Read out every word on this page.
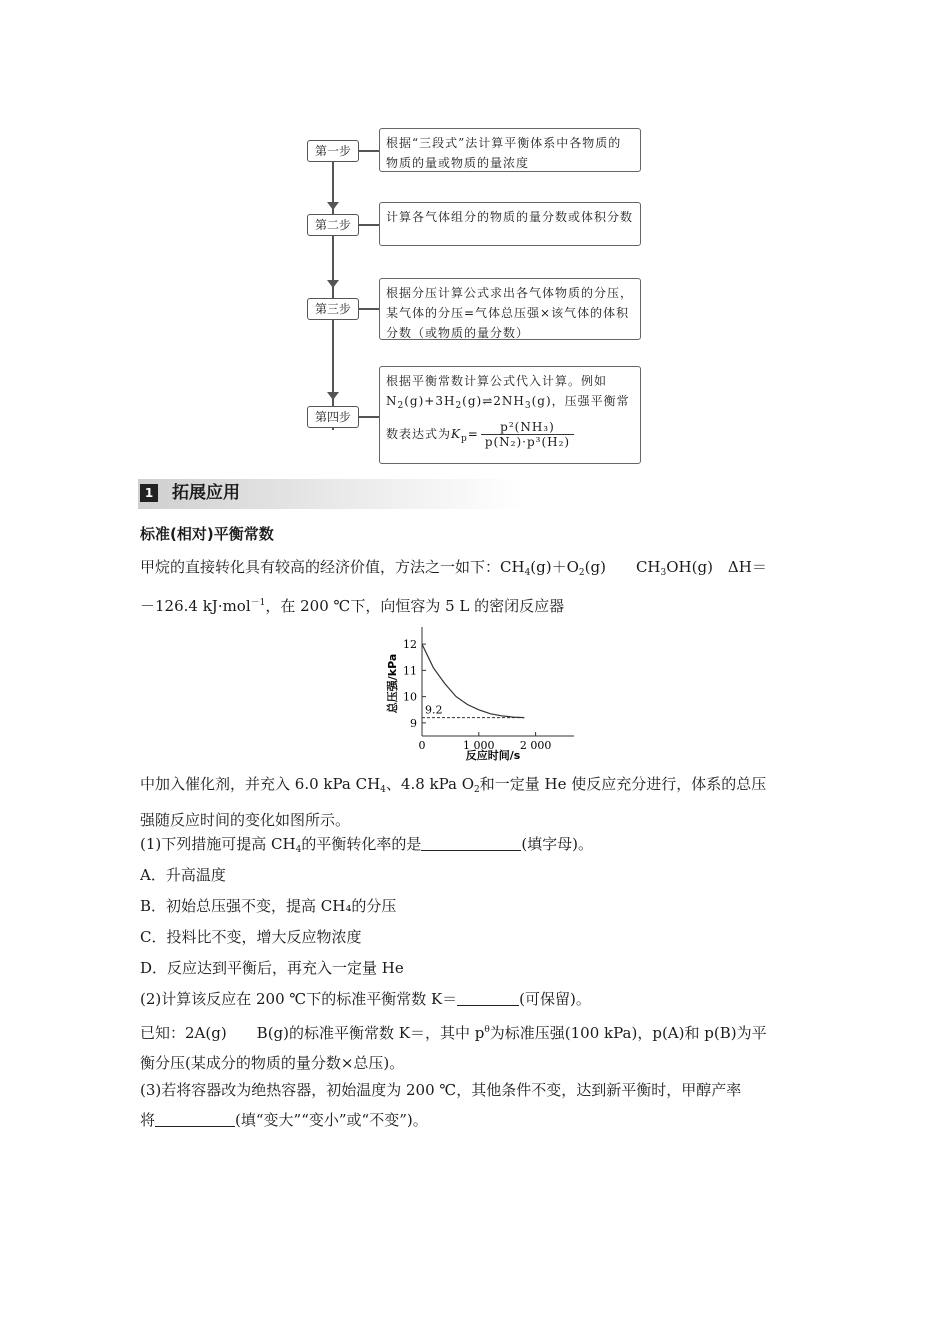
第一步
根据“三段式”法计算平衡体系中各物质的物质的量或物质的量浓度
第二步
计算各气体组分的物质的量分数或体积分数
第三步
根据分压计算公式求出各气体物质的分压，某气体的分压=气体总压强×该气体的体积分数（或物质的量分数）
第四步
根据平衡常数计算公式代入计算。例如
$N_2(g)+3H_2(g)\rightleftharpoons 2NH_3(g)$，压强平衡常
数表达式为$K_p= \frac{\text{p²(NH₃)}}{\text{p(N₂)·p³(H₂)}}$
1 拓展应用
标准(相对)平衡常数
甲烷的直接转化具有较高的经济价值，方法之一如下：$CH_4(g)+O_2(g)$　　$CH_3OH(g)$　ΔH＝
－126.4 kJ·mol$^{-1}$，在 200 ℃下，向恒容为 5 L 的密闭反应器
9.2
总压强/kPa
反应时间/s
9
10
11
12
0	1 000 2 000
中加入催化剂，并充入 6.0 kPa $CH_4$、4.8 kPa $O_2$和一定量 He 使反应充分进行，体系的总压
强随反应时间的变化如图所示。
(1)下列措施可提高 $CH_4$的平衡转化率的是	(填字母)。
A．升高温度
B．初始总压强不变，提高 CH₄的分压
C．投料比不变，增大反应物浓度
D．反应达到平衡后，再充入一定量 He
(2)计算该反应在 200 ℃下的标准平衡常数 K＝	(可保留)。
已知：2A(g)　　B(g)的标准平衡常数 K＝，其中 $p^\theta$为标准压强(100 kPa)，p(A)和 p(B)为平
衡分压(某成分的物质的量分数×总压)。
(3)若将容器改为绝热容器，初始温度为 200 ℃，其他条件不变，达到新平衡时，甲醇产率
将	(填“变大”“变小”或“不变”)。
